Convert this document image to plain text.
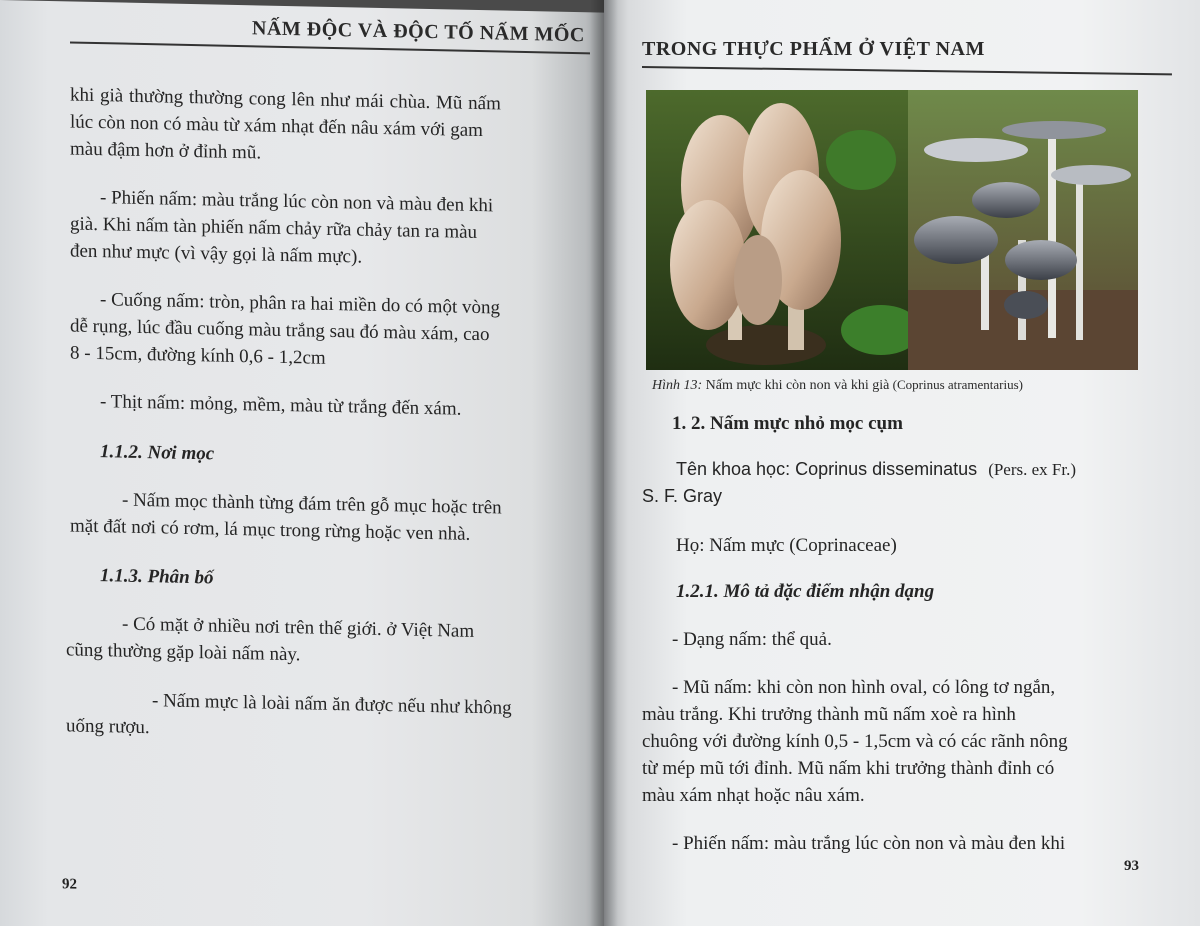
NẤM ĐỘC VÀ ĐỘC TỐ NẤM MỐC
khi già thường thường cong lên như mái chùa. Mũ nấm
lúc còn non có màu từ xám nhạt đến nâu xám với gam
màu đậm hơn ở đỉnh mũ.
- Phiến nấm: màu trắng lúc còn non và màu đen khi
già. Khi nấm tàn phiến nấm chảy rữa chảy tan ra màu
đen như mực (vì vậy gọi là nấm mực).
- Cuống nấm: tròn, phân ra hai miền do có một vòng
dễ rụng, lúc đầu cuống màu trắng sau đó màu xám, cao
8 - 15cm, đường kính 0,6 - 1,2cm
- Thịt nấm: mỏng, mềm, màu từ trắng đến xám.
1.1.2. Nơi mọc
- Nấm mọc thành từng đám trên gỗ mục hoặc trên
mặt đất nơi có rơm, lá mục trong rừng hoặc ven nhà.
1.1.3. Phân bố
- Có mặt ở nhiều nơi trên thế giới. ở Việt Nam
cũng thường gặp loài nấm này.
- Nấm mực là loài nấm ăn được nếu như không
uống rượu.
92
TRONG THỰC PHẨM Ở VIỆT NAM
Hình 13: Nấm mực khi còn non và khi già (Coprinus atramentarius)
1. 2. Nấm mực nhỏ mọc cụm
Tên khoa học: Coprinus disseminatus (Pers. ex Fr.)
S. F. Gray
Họ: Nấm mực (Coprinaceae)
1.2.1. Mô tả đặc điểm nhận dạng
- Dạng nấm: thể quả.
- Mũ nấm: khi còn non hình oval, có lông tơ ngắn,
màu trắng. Khi trưởng thành mũ nấm xoè ra hình
chuông với đường kính 0,5 - 1,5cm và có các rãnh nông
từ mép mũ tới đỉnh. Mũ nấm khi trưởng thành đỉnh có
màu xám nhạt hoặc nâu xám.
- Phiến nấm: màu trắng lúc còn non và màu đen khi
93
